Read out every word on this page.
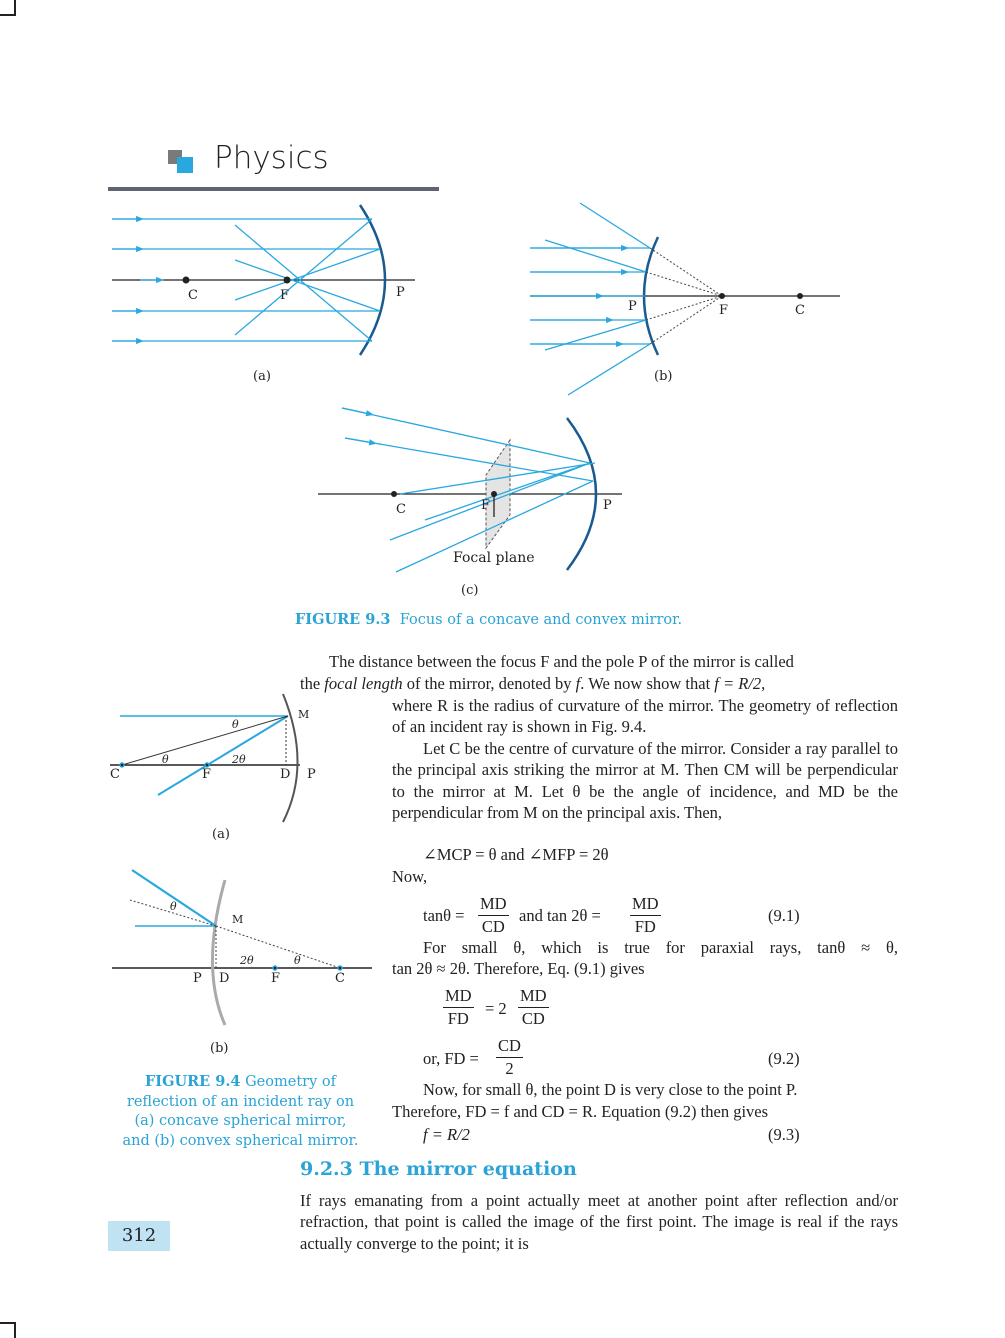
Physics
C	F	P
(a)
P	F	C
(b)
C	F	P
Focal plane
(c)
FIGURE 9.3 Focus of a concave and convex mirror.
M
C	F	D P
θ
θ	2θ
(a)
M
P D	F	C
θ
θ
2θ
(b)
FIGURE 9.4 Geometry of
reflection of an incident ray on
(a) concave spherical mirror,
and (b) convex spherical mirror.
The distance between the focus F and the pole P of the mirror is called
the focal length of the mirror, denoted by f. We now show that f = R/2,
where R is the radius of curvature of the mirror. The geometry of reflection of an incident ray is shown in Fig. 9.4.
Let C be the centre of curvature of the mirror. Consider a ray parallel to the principal axis striking the mirror at M. Then CM will be perpendicular to the mirror at M. Let θ be the angle of incidence, and MD be the perpendicular from M on the principal axis. Then,
∠MCP = θ and ∠MFP = 2θ
Now,
$\tan\theta = \frac{MD}{CD}$ and $\tan 2\theta = \frac{MD}{FD}$	(9.1)
For small θ, which is true for paraxial rays, tanθ ≈ θ,
tan 2θ ≈ 2θ. Therefore, Eq. (9.1) gives
$\frac{MD}{FD} = 2 \frac{MD}{CD}$
or, FD = $\frac{CD}{2}$	(9.2)
Now, for small θ, the point D is very close to the point P.
Therefore, FD = f and CD = R. Equation (9.2) then gives
f = R/2	(9.3)
9.2.3 The mirror equation
If rays emanating from a point actually meet at another point after reflection and/or refraction, that point is called the image of the first point. The image is real if the rays actually converge to the point; it is
312
